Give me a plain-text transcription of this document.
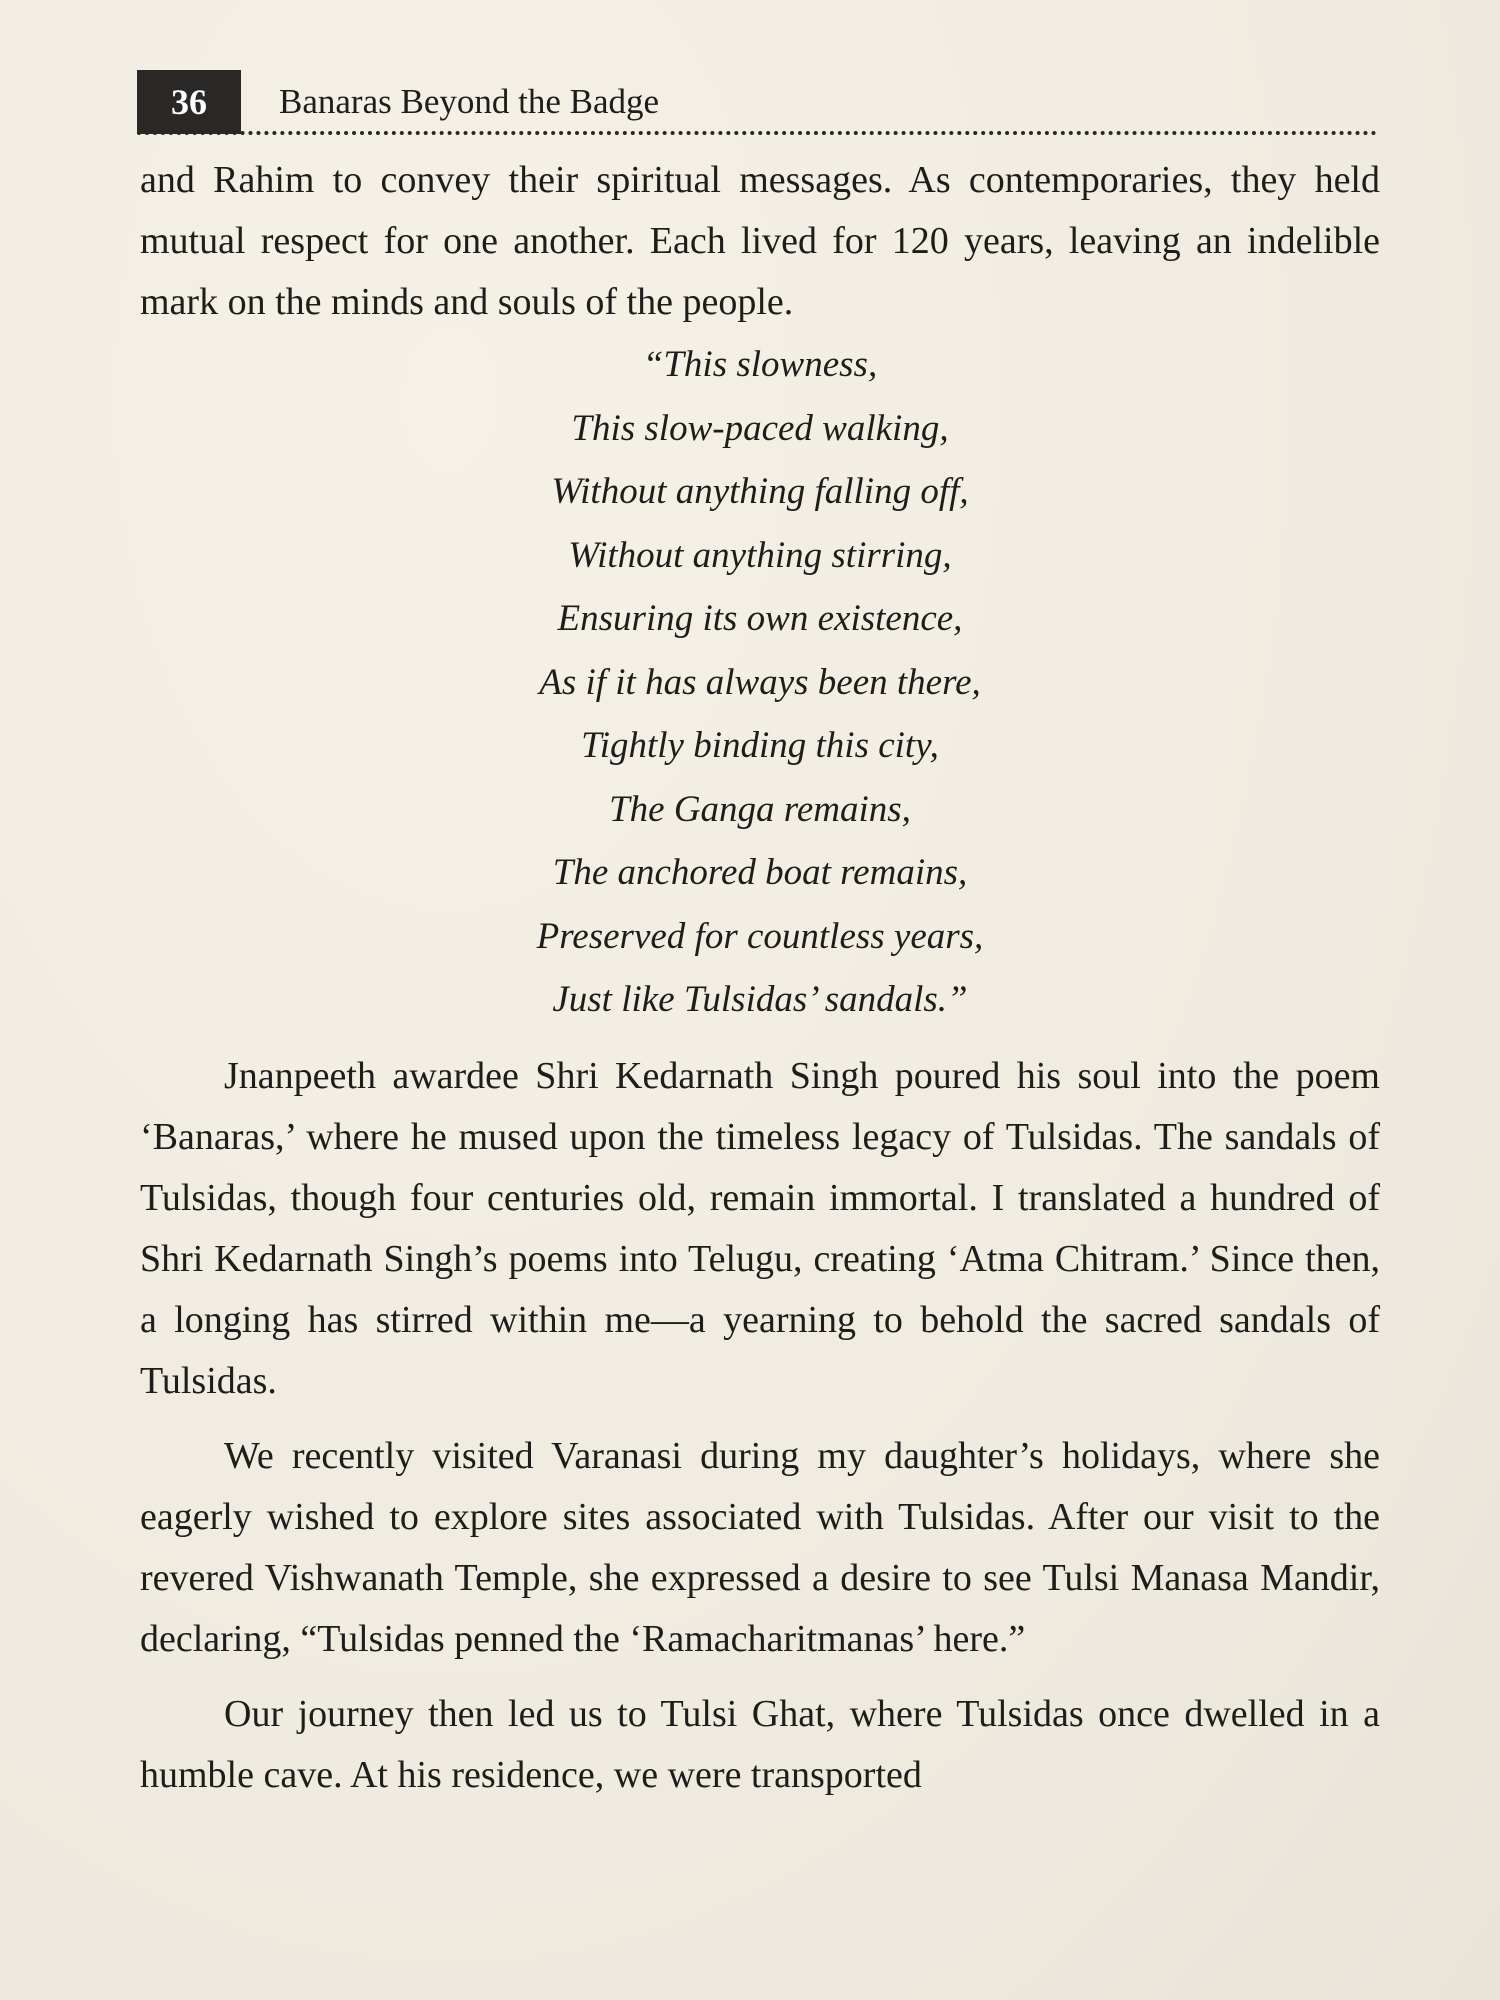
36	Banaras Beyond the Badge

and Rahim to convey their spiritual messages. As contemporaries, they held mutual respect for one another. Each lived for 120 years, leaving an indelible mark on the minds and souls of the people.

“This slowness,
This slow-paced walking,
Without anything falling off,
Without anything stirring,
Ensuring its own existence,
As if it has always been there,
Tightly binding this city,
The Ganga remains,
The anchored boat remains,
Preserved for countless years,
Just like Tulsidas’ sandals.”

Jnanpeeth awardee Shri Kedarnath Singh poured his soul into the poem ‘Banaras,’ where he mused upon the timeless legacy of Tulsidas. The sandals of Tulsidas, though four centuries old, remain immortal. I translated a hundred of Shri Kedarnath Singh’s poems into Telugu, creating ‘Atma Chitram.’ Since then, a longing has stirred within me—a yearning to behold the sacred sandals of Tulsidas.

We recently visited Varanasi during my daughter’s holidays, where she eagerly wished to explore sites associated with Tulsidas. After our visit to the revered Vishwanath Temple, she expressed a desire to see Tulsi Manasa Mandir, declaring, “Tulsidas penned the ‘Ramacharitmanas’ here.”

Our journey then led us to Tulsi Ghat, where Tulsidas once dwelled in a humble cave. At his residence, we were transported
